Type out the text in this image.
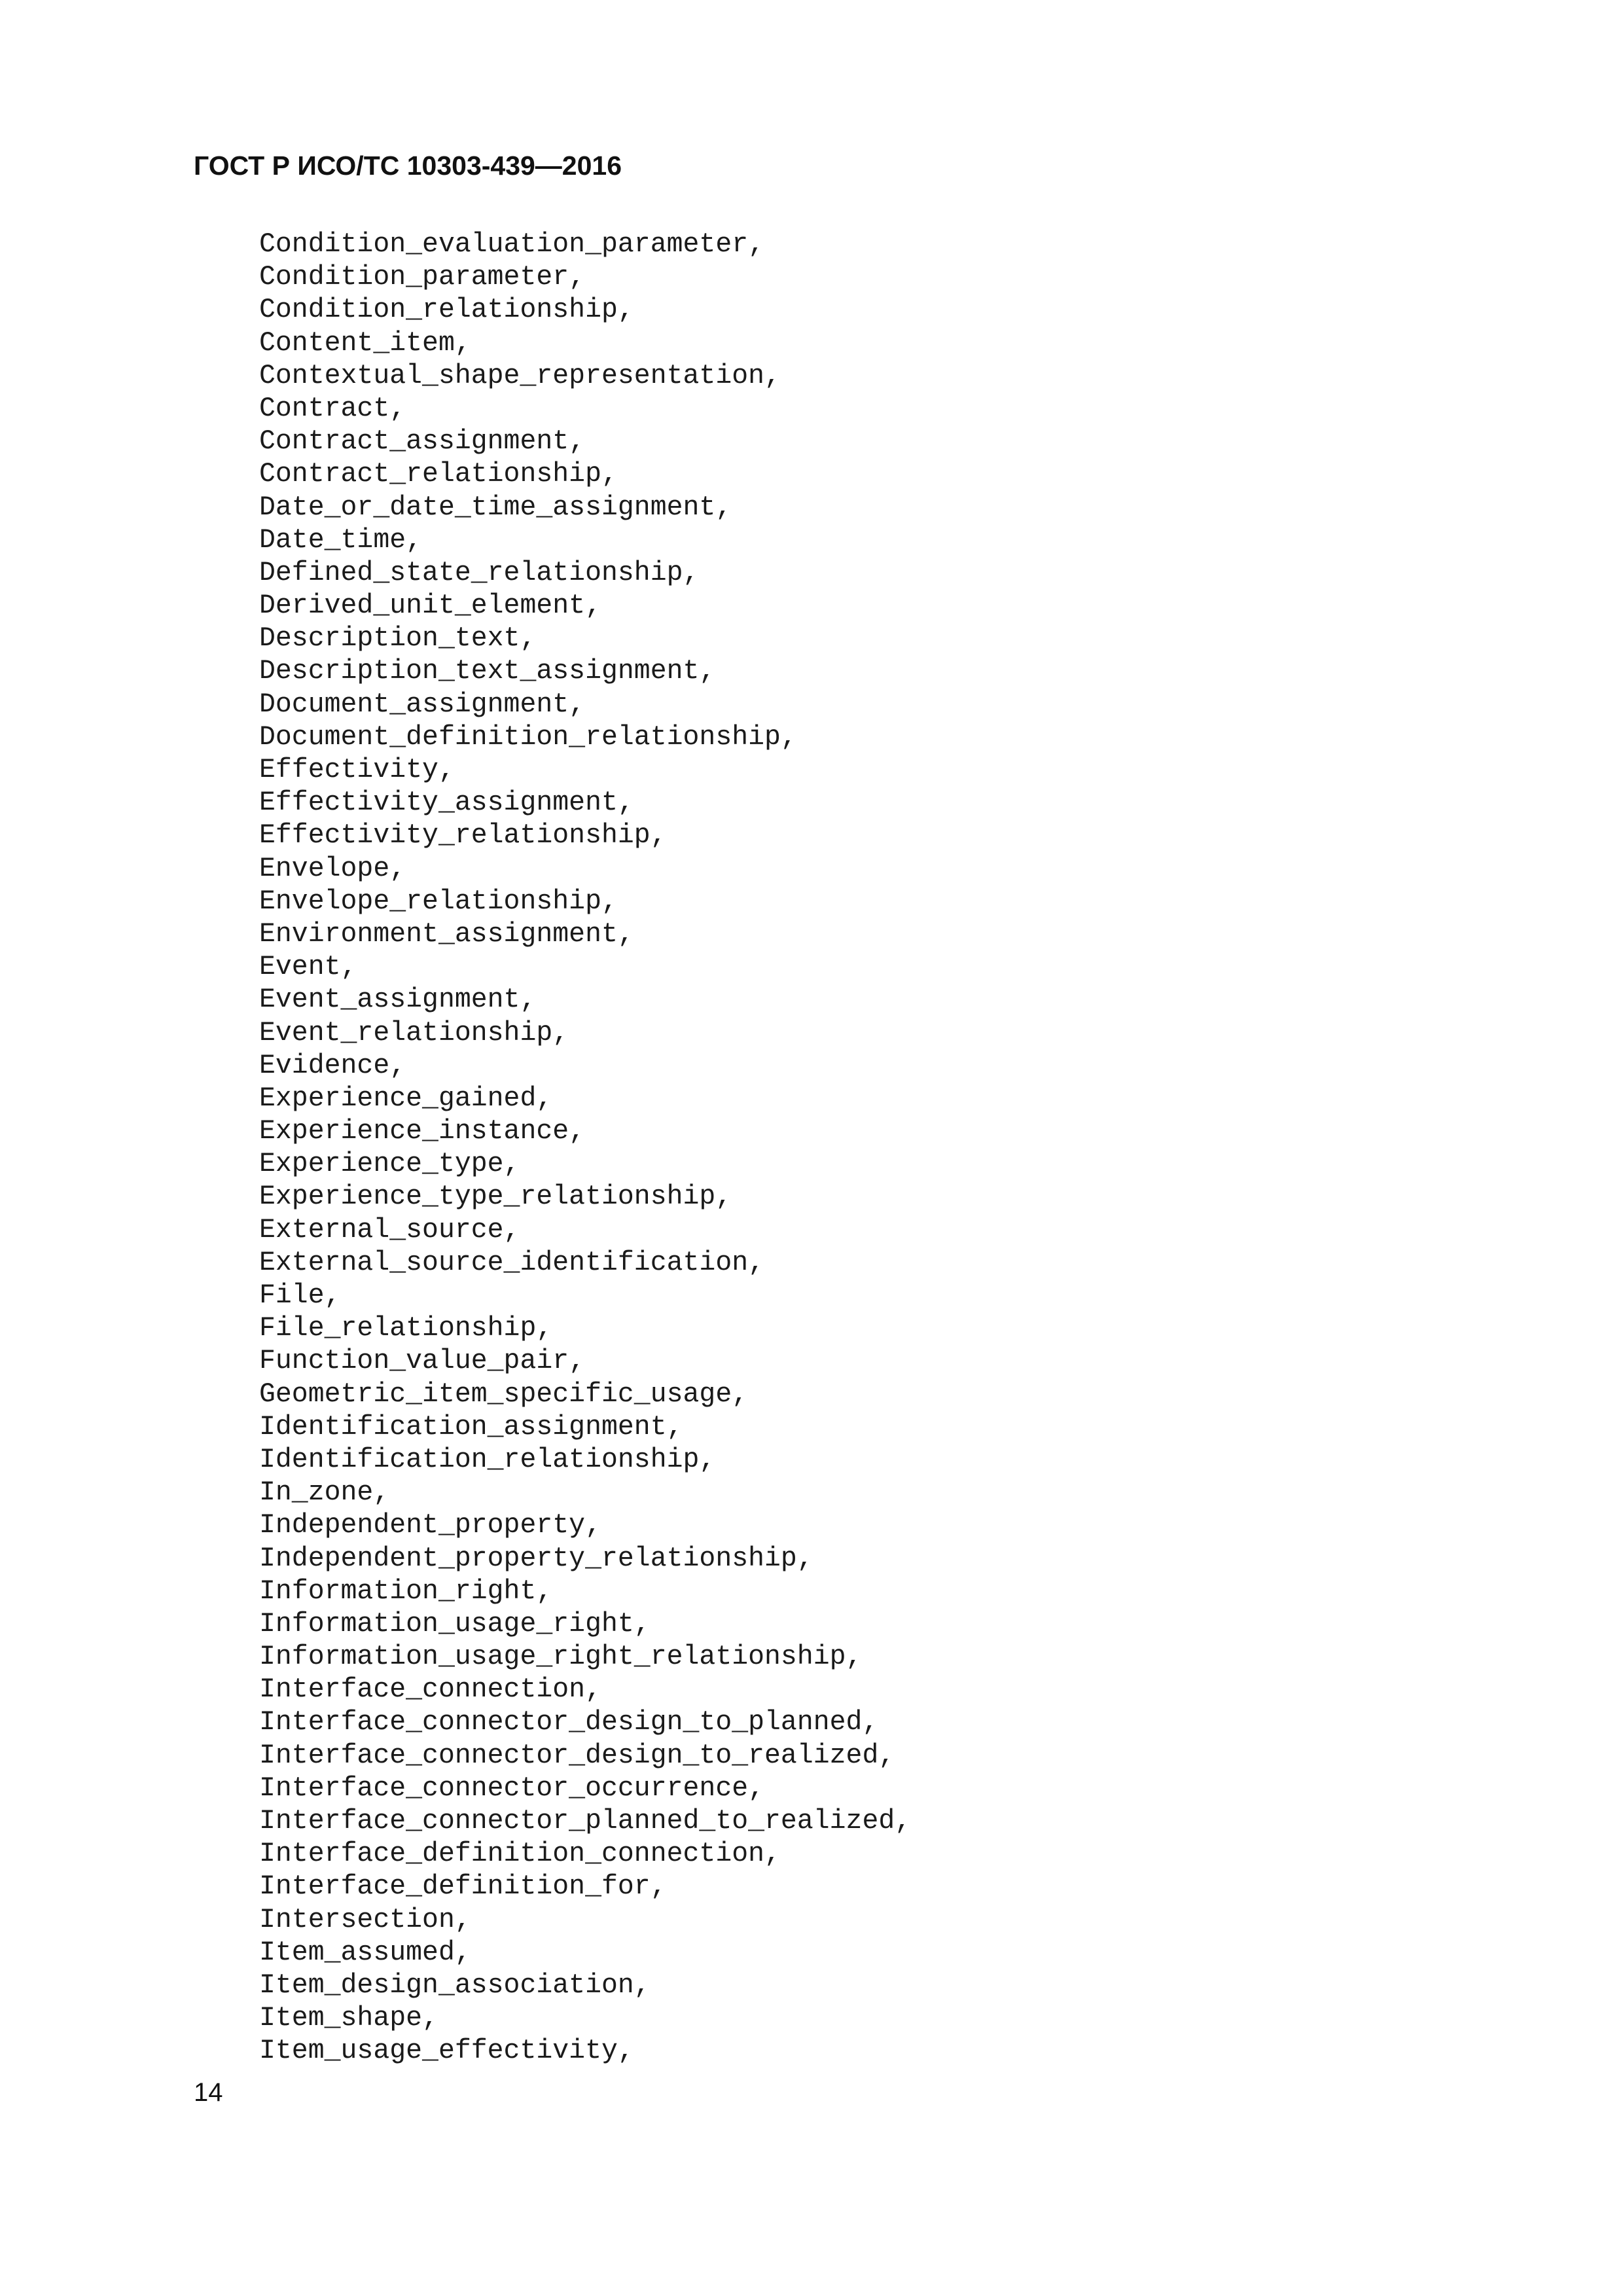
ГОСТ Р ИСО/ТС 10303-439—2016
Condition_evaluation_parameter,
Condition_parameter,
Condition_relationship,
Content_item,
Contextual_shape_representation,
Contract,
Contract_assignment,
Contract_relationship,
Date_or_date_time_assignment,
Date_time,
Defined_state_relationship,
Derived_unit_element,
Description_text,
Description_text_assignment,
Document_assignment,
Document_definition_relationship,
Effectivity,
Effectivity_assignment,
Effectivity_relationship,
Envelope,
Envelope_relationship,
Environment_assignment,
Event,
Event_assignment,
Event_relationship,
Evidence,
Experience_gained,
Experience_instance,
Experience_type,
Experience_type_relationship,
External_source,
External_source_identification,
File,
File_relationship,
Function_value_pair,
Geometric_item_specific_usage,
Identification_assignment,
Identification_relationship,
In_zone,
Independent_property,
Independent_property_relationship,
Information_right,
Information_usage_right,
Information_usage_right_relationship,
Interface_connection,
Interface_connector_design_to_planned,
Interface_connector_design_to_realized,
Interface_connector_occurrence,
Interface_connector_planned_to_realized,
Interface_definition_connection,
Interface_definition_for,
Intersection,
Item_assumed,
Item_design_association,
Item_shape,
Item_usage_effectivity,
14
